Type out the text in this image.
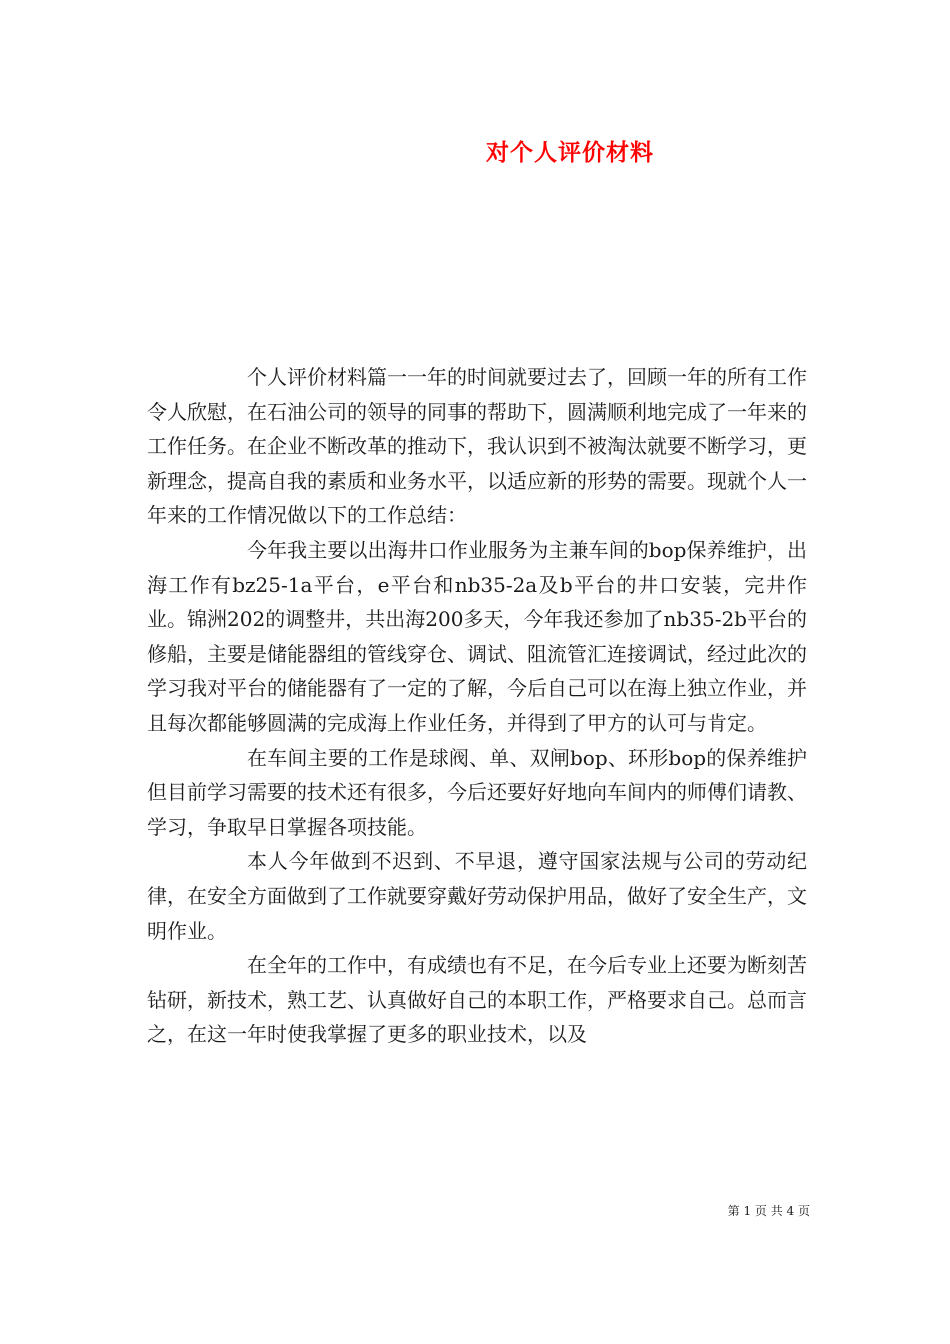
对个人评价材料

个人评价材料篇一一年的时间就要过去了，回顾一年的所有工作令人欣慰，在石油公司的领导的同事的帮助下，圆满顺利地完成了一年来的工作任务。在企业不断改革的推动下，我认识到不被淘汰就要不断学习，更新理念，提高自我的素质和业务水平，以适应新的形势的需要。现就个人一年来的工作情况做以下的工作总结：

今年我主要以出海井口作业服务为主兼车间的bop保养维护，出海工作有bz25-1a平台，e平台和nb35-2a及b平台的井口安装，完井作业。锦洲202的调整井，共出海200多天，今年我还参加了nb35-2b平台的修船，主要是储能器组的管线穿仓、调试、阻流管汇连接调试，经过此次的学习我对平台的储能器有了一定的了解，今后自己可以在海上独立作业，并且每次都能够圆满的完成海上作业任务，并得到了甲方的认可与肯定。

在车间主要的工作是球阀、单、双闸bop、环形bop的保养维护但目前学习需要的技术还有很多，今后还要好好地向车间内的师傅们请教、学习，争取早日掌握各项技能。

本人今年做到不迟到、不早退，遵守国家法规与公司的劳动纪律，在安全方面做到了工作就要穿戴好劳动保护用品，做好了安全生产，文明作业。

在全年的工作中，有成绩也有不足，在今后专业上还要为断刻苦钻研，新技术，熟工艺、认真做好自己的本职工作，严格要求自己。总而言之，在这一年时使我掌握了更多的职业技术，以及

第 1 页 共 4 页
